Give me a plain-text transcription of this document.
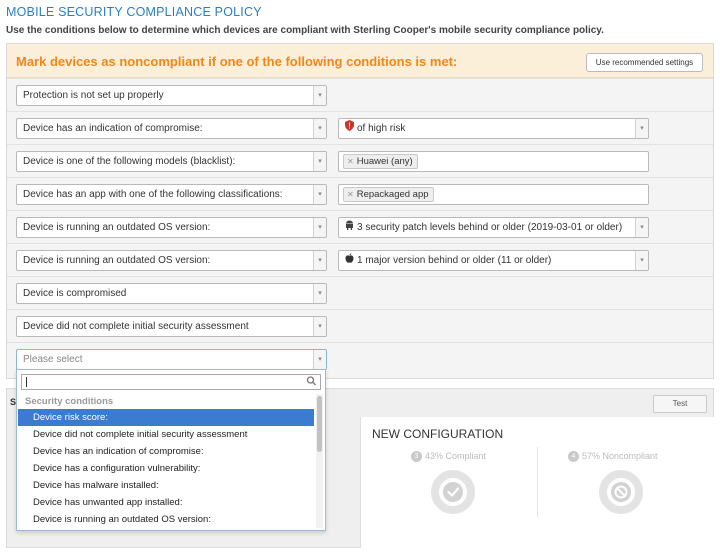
MOBILE SECURITY COMPLIANCE POLICY
Use the conditions below to determine which devices are compliant with Sterling Cooper's mobile security compliance policy.
Mark devices as noncompliant if one of the following conditions is met:	Use recommended settings
Protection is not set up properly	▾
Device has an indication of compromise:	▾	of high risk	▾
Device is one of the following models (blacklist):	▾	✕ Huawei (any)
Device has an app with one of the following classifications:	▾	✕ Repackaged app
Device is running an outdated OS version:	▾	3 security patch levels behind or older (2019-03-01 or older)	▾
Device is running an outdated OS version:	▾	1 major version behind or older (11 or older)	▾
Device is compromised	▾
Device did not complete initial security assessment	▾
Please select	▾
S	Test
NEW CONFIGURATION
3 43% Compliant	4 57% Noncompliant
Security conditions
Device risk score:
Device did not complete initial security assessment
Device has an indication of compromise:
Device has a configuration vulnerability:
Device has malware installed:
Device has unwanted app installed:
Device is running an outdated OS version:
